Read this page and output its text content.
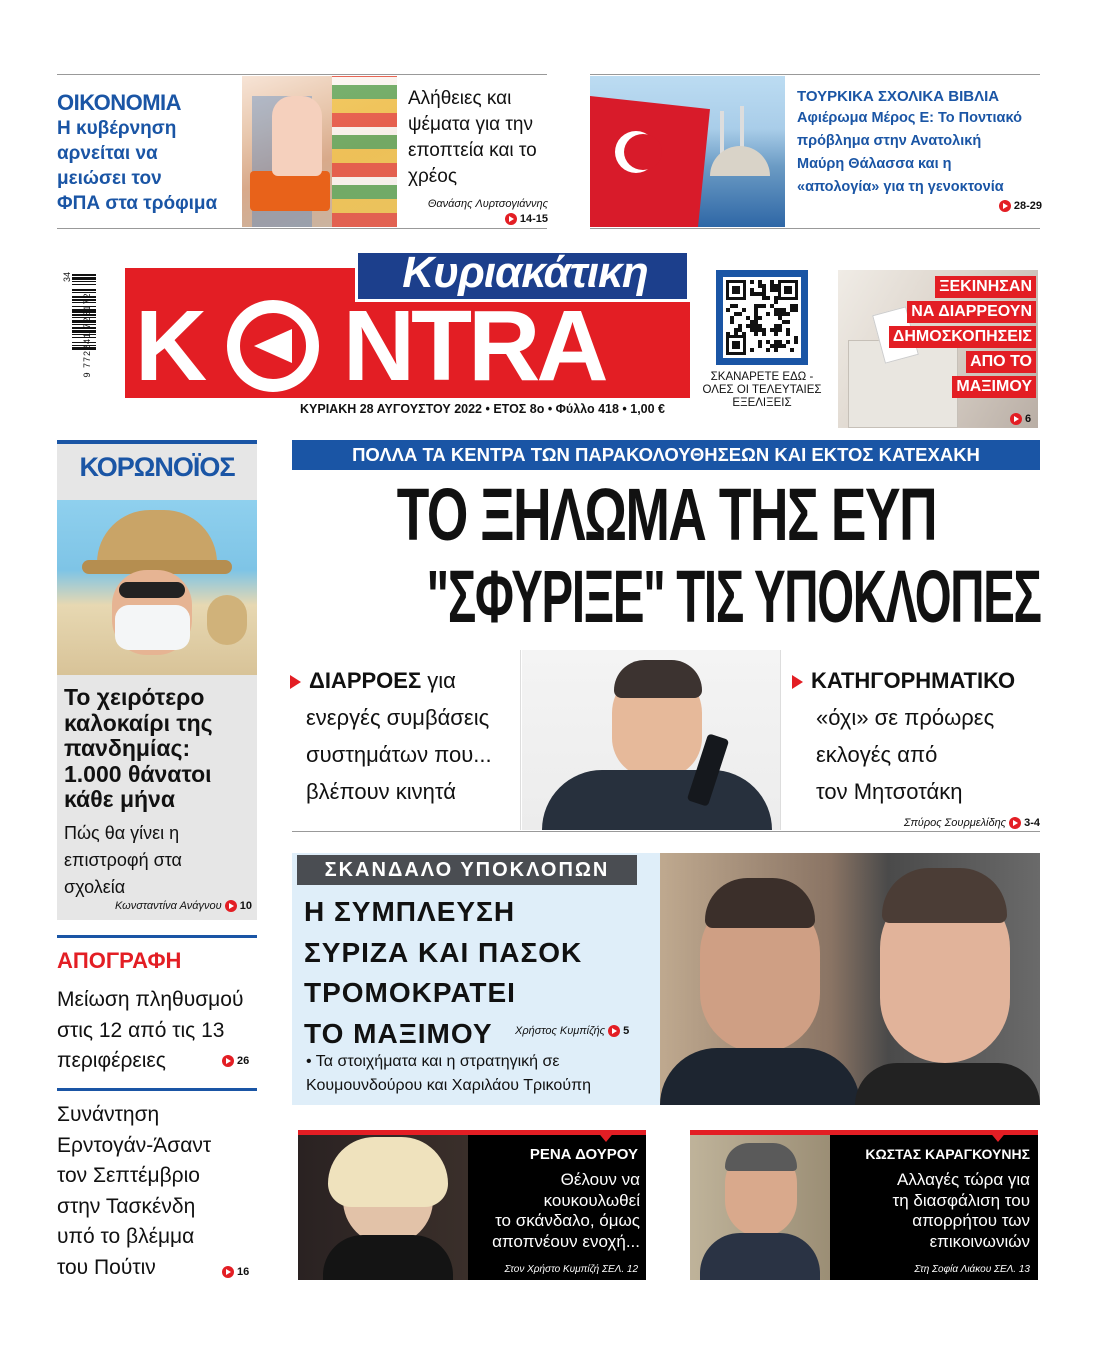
ΟΙΚΟΝΟΜΙΑ
Η κυβέρνηση
αρνείται να
μειώσει τον
ΦΠΑ στα τρόφιμα
Αλήθειες και
ψέματα για την
εποπτεία και το
χρέος
Θανάσης Λυρτσογιάννης
14-15
ΤΟΥΡΚΙΚΑ ΣΧΟΛΙΚΑ ΒΙΒΛΙΑ
Αφιέρωμα Μέρος Ε: Το Ποντιακό
πρόβλημα στην Ανατολική
Μαύρη Θάλασσα και η
«απολογία» για τη γενοκτονία
28-29
9 772241 725172
34	Κυριακάτικη
K NTRA
ΚΥΡΙΑΚΗ 28 ΑΥΓΟΥΣΤΟΥ 2022 • ΕΤΟΣ 8ο • Φύλλο 418 • 1,00 €
ΣΚΑΝΑΡΕΤΕ ΕΔΩ -
ΟΛΕΣ ΟΙ ΤΕΛΕΥΤΑΙΕΣ
ΕΞΕΛΙΞΕΙΣ
ΞΕΚΙΝΗΣΑΝ
ΝΑ ΔΙΑΡΡΕΟΥΝ
ΔΗΜΟΣΚΟΠΗΣΕΙΣ
ΑΠΟ ΤΟ
ΜΑΞΙΜΟΥ
6
ΠΟΛΛΑ ΤΑ ΚΕΝΤΡΑ ΤΩΝ ΠΑΡΑΚΟΛΟΥΘΗΣΕΩΝ ΚΑΙ ΕΚΤΟΣ ΚΑΤΕΧΑΚΗ
ΤΟ ΞΗΛΩΜΑ ΤΗΣ ΕΥΠ
"ΣΦΥΡΙΞΕ" ΤΙΣ ΥΠΟΚΛΟΠΕΣ
ΔΙΑΡΡΟΕΣ για
ενεργές συμβάσεις
συστημάτων που...
βλέπουν κινητά
ΚΑΤΗΓΟΡΗΜΑΤΙΚΟ
«όχι» σε πρόωρες
εκλογές από
τον Μητσοτάκη
Σπύρος Σουρμελίδης 3-4
ΚΟΡΩΝΟΪΟΣ
Το χειρότερο
καλοκαίρι της
πανδημίας:
1.000 θάνατοι
κάθε μήνα
Πώς θα γίνει η
επιστροφή στα
σχολεία
Κωνσταντίνα Ανάγνου 10
ΑΠΟΓΡΑΦΗ
Μείωση πληθυσμού
στις 12 από τις 13
περιφέρειες	26
Συνάντηση
Ερντογάν-Άσαντ
τον Σεπτέμβριο
στην Τασκένδη
υπό το βλέμμα
του Πούτιν	16
ΣΚΑΝΔΑΛΟ ΥΠΟΚΛΟΠΩΝ
Η ΣΥΜΠΛΕΥΣΗ
ΣΥΡΙΖΑ ΚΑΙ ΠΑΣΟΚ
ΤΡΟΜΟΚΡΑΤΕΙ
ΤΟ ΜΑΞΙΜΟΥ	Χρήστος Κυμπίζής 5
• Τα στοιχήματα και η στρατηγική σε
Κουμουνδούρου και Χαριλάου Τρικούπη
ΡΕΝΑ ΔΟΥΡΟΥ
Θέλουν να
κουκουλωθεί
το σκάνδαλο, όμως
αποπνέουν ενοχή...
Στον Χρήστο Κυμπίζή ΣΕΛ. 12
ΚΩΣΤΑΣ ΚΑΡΑΓΚΟΥΝΗΣ
Αλλαγές τώρα για
τη διασφάλιση του
απορρήτου των
επικοινωνιών
Στη Σοφία Λιάκου ΣΕΛ. 13
